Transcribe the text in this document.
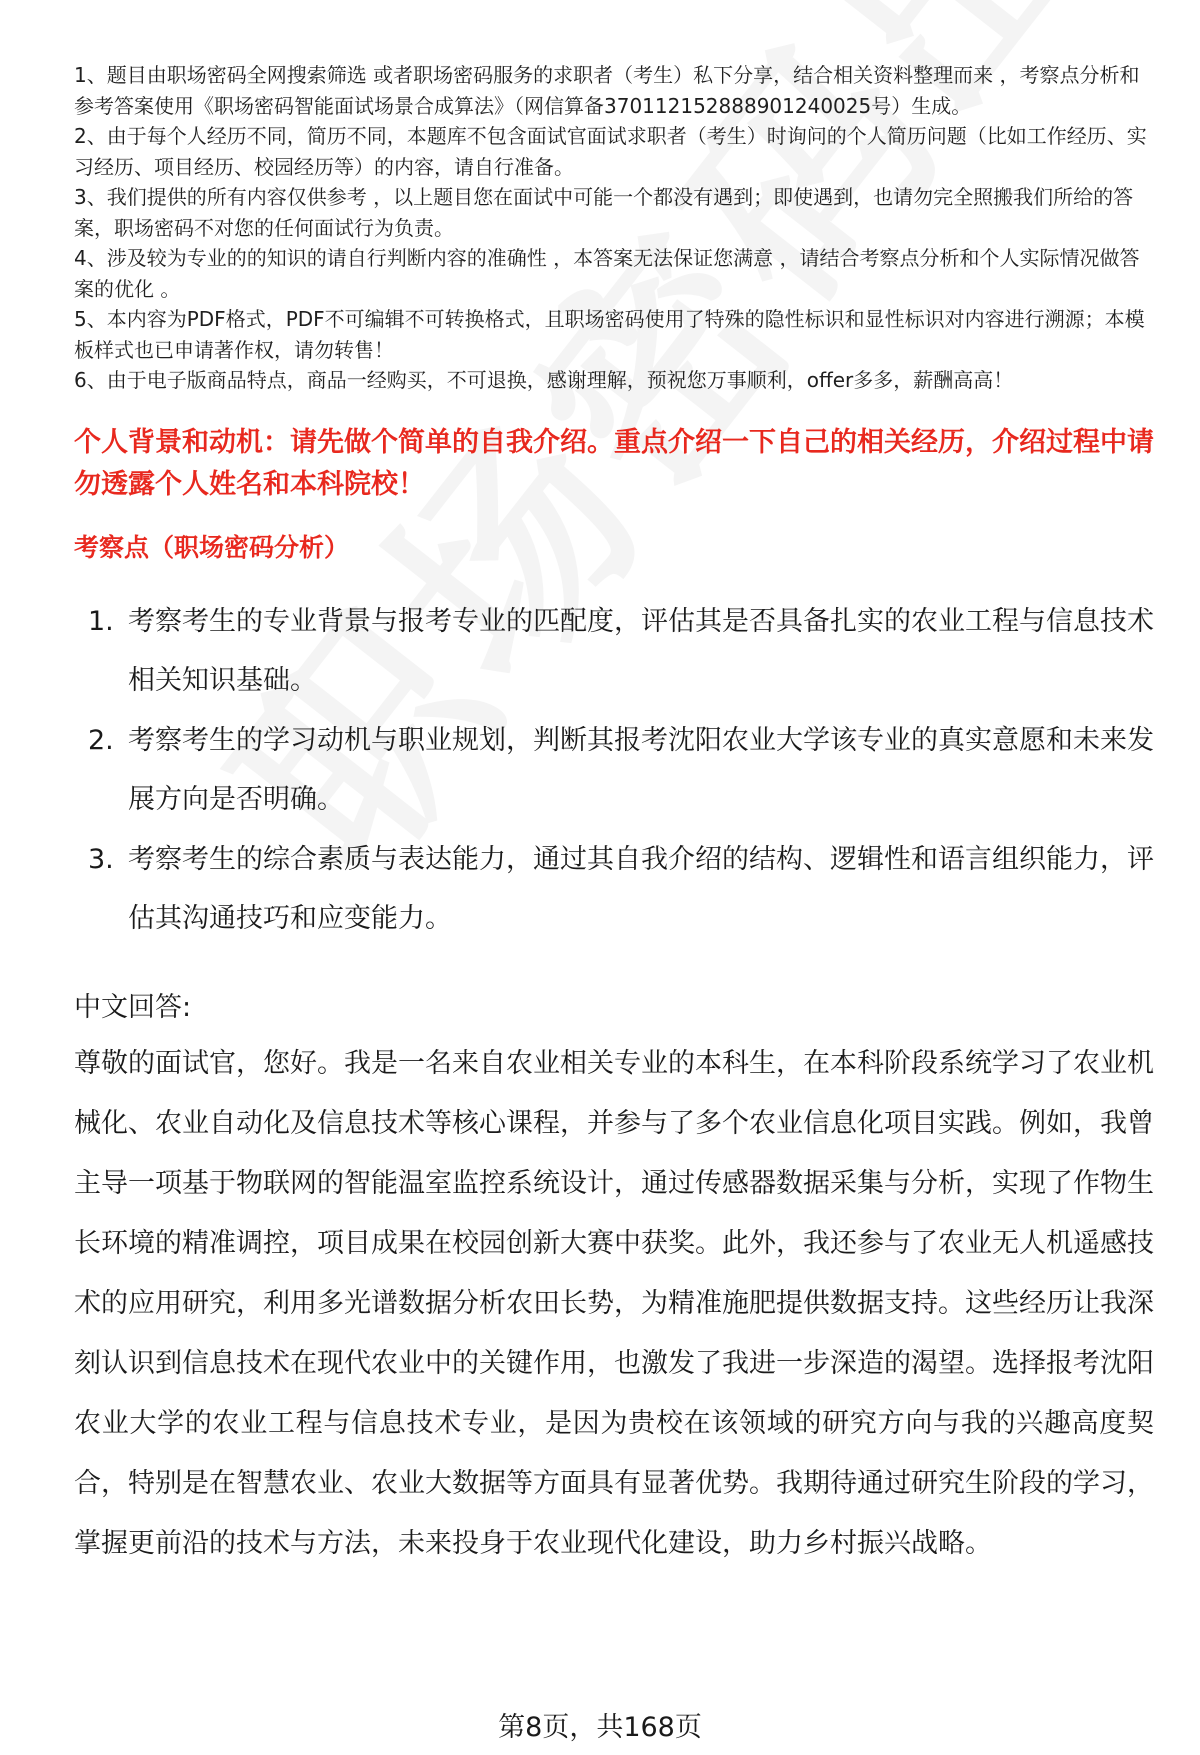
1、题目由职场密码全网搜索筛选 或者职场密码服务的求职者（考生）私下分享，结合相关资料整理而来 ，考察点分析和参考答案使用《职场密码智能面试场景合成算法》（网信算备370112152888901240025号）生成。
2、由于每个人经历不同，简历不同，本题库不包含面试官面试求职者（考生）时询问的个人简历问题（比如工作经历、实习经历、项目经历、校园经历等）的内容，请自行准备。
3、我们提供的所有内容仅供参考 ，以上题目您在面试中可能一个都没有遇到；即使遇到，也请勿完全照搬我们所给的答案，职场密码不对您的任何面试行为负责。
4、涉及较为专业的的知识的请自行判断内容的准确性 ，本答案无法保证您满意 ，请结合考察点分析和个人实际情况做答案的优化 。
5、本内容为PDF格式，PDF不可编辑不可转换格式，且职场密码使用了特殊的隐性标识和显性标识对内容进行溯源；本模板样式也已申请著作权，请勿转售！
6、由于电子版商品特点，商品一经购买，不可退换，感谢理解，预祝您万事顺利，offer多多，薪酬高高！
个人背景和动机：请先做个简单的自我介绍。重点介绍一下自己的相关经历，介绍过程中请勿透露个人姓名和本科院校！
考察点（职场密码分析）
1. 考察考生的专业背景与报考专业的匹配度，评估其是否具备扎实的农业工程与信息技术相关知识基础。
2. 考察考生的学习动机与职业规划，判断其报考沈阳农业大学该专业的真实意愿和未来发展方向是否明确。
3. 考察考生的综合素质与表达能力，通过其自我介绍的结构、逻辑性和语言组织能力，评估其沟通技巧和应变能力。
中文回答:
尊敬的面试官，您好。我是一名来自农业相关专业的本科生，在本科阶段系统学习了农业机械化、农业自动化及信息技术等核心课程，并参与了多个农业信息化项目实践。例如，我曾主导一项基于物联网的智能温室监控系统设计，通过传感器数据采集与分析，实现了作物生长环境的精准调控，项目成果在校园创新大赛中获奖。此外，我还参与了农业无人机遥感技术的应用研究，利用多光谱数据分析农田长势，为精准施肥提供数据支持。这些经历让我深刻认识到信息技术在现代农业中的关键作用，也激发了我进一步深造的渴望。选择报考沈阳农业大学的农业工程与信息技术专业，是因为贵校在该领域的研究方向与我的兴趣高度契合，特别是在智慧农业、农业大数据等方面具有显著优势。我期待通过研究生阶段的学习，掌握更前沿的技术与方法，未来投身于农业现代化建设，助力乡村振兴战略。
第8页，共168页
